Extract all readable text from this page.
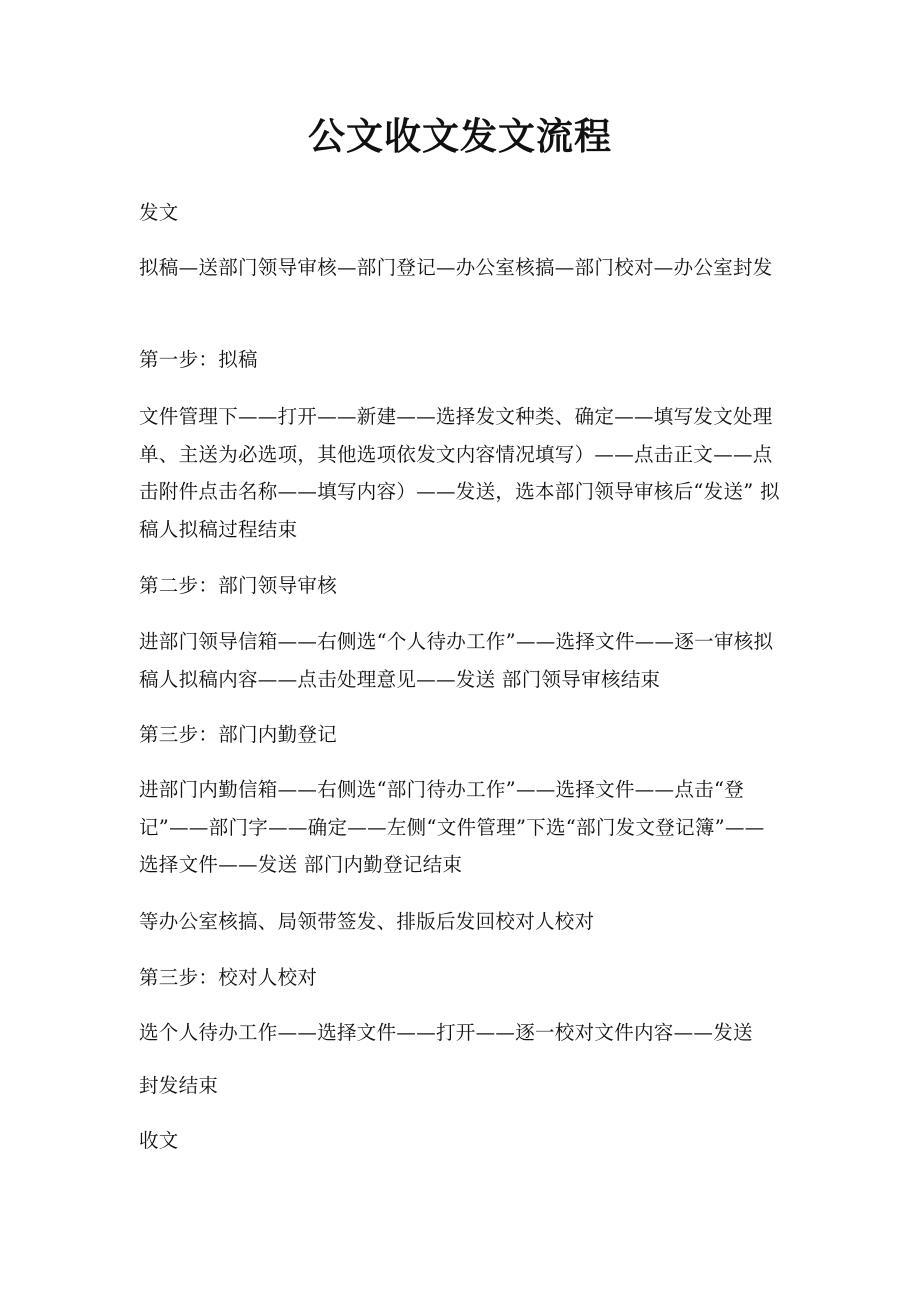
公文收文发文流程

发文

拟稿—送部门领导审核—部门登记—办公室核搞—部门校对—办公室封发

第一步：拟稿

文件管理下——打开——新建——选择发文种类、确定——填写发文处理单、主送为必选项，其他选项依发文内容情况填写）——点击正文——点击附件点击名称——填写内容）——发送，选本部门领导审核后“发送” 拟稿人拟稿过程结束

第二步：部门领导审核

进部门领导信箱——右侧选“个人待办工作”——选择文件——逐一审核拟稿人拟稿内容——点击处理意见——发送 部门领导审核结束

第三步：部门内勤登记

进部门内勤信箱——右侧选“部门待办工作”——选择文件——点击“登记”——部门字——确定——左侧“文件管理”下选“部门发文登记簿”——选择文件——发送 部门内勤登记结束

等办公室核搞、局领带签发、排版后发回校对人校对

第三步：校对人校对

选个人待办工作——选择文件——打开——逐一校对文件内容——发送

封发结束

收文
